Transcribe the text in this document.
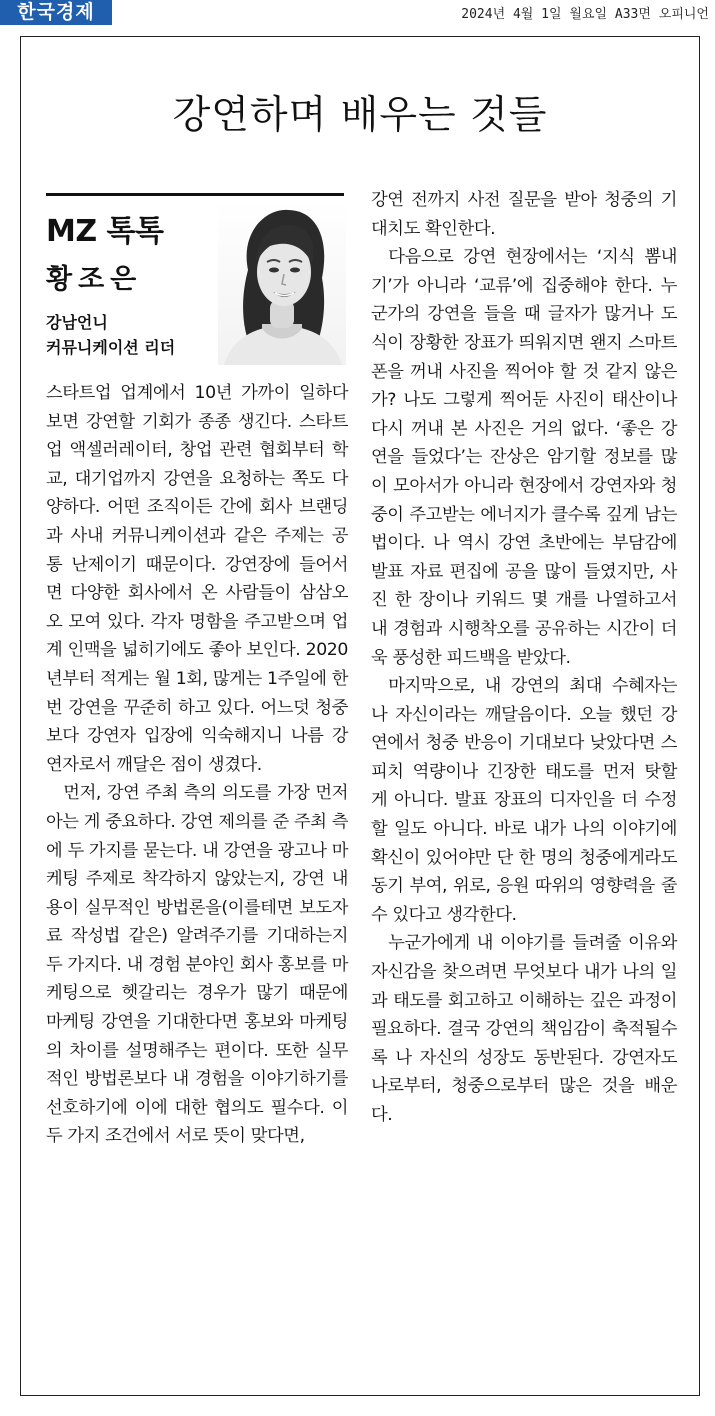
한국경제	2024년 4월 1일 월요일 A33면 오피니언
강연하며 배우는 것들
MZ 톡톡
황조은
강남언니
커뮤니케이션 리더

스타트업 업계에서 10년 가까이 일하다 보면 강연할 기회가 종종 생긴다. 스타트업 액셀러레이터, 창업 관련 협회부터 학교, 대기업까지 강연을 요청하는 쪽도 다양하다. 어떤 조직이든 간에 회사 브랜딩과 사내 커뮤니케이션과 같은 주제는 공통 난제이기 때문이다. 강연장에 들어서면 다양한 회사에서 온 사람들이 삼삼오오 모여 있다. 각자 명함을 주고받으며 업계 인맥을 넓히기에도 좋아 보인다. 2020년부터 적게는 월 1회, 많게는 1주일에 한 번 강연을 꾸준히 하고 있다. 어느덧 청중보다 강연자 입장에 익숙해지니 나름 강연자로서 깨달은 점이 생겼다.

먼저, 강연 주최 측의 의도를 가장 먼저 아는 게 중요하다. 강연 제의를 준 주최 측에 두 가지를 묻는다. 내 강연을 광고나 마케팅 주제로 착각하지 않았는지, 강연 내용이 실무적인 방법론을(이를테면 보도자료 작성법 같은) 알려주기를 기대하는지 두 가지다. 내 경험 분야인 회사 홍보를 마케팅으로 헷갈리는 경우가 많기 때문에 마케팅 강연을 기대한다면 홍보와 마케팅의 차이를 설명해주는 편이다. 또한 실무적인 방법론보다 내 경험을 이야기하기를 선호하기에 이에 대한 협의도 필수다. 이 두 가지 조건에서 서로 뜻이 맞다면,

강연 전까지 사전 질문을 받아 청중의 기대치도 확인한다.

다음으로 강연 현장에서는 ‘지식 뽐내기’가 아니라 ‘교류’에 집중해야 한다. 누군가의 강연을 들을 때 글자가 많거나 도식이 장황한 장표가 띄워지면 왠지 스마트폰을 꺼내 사진을 찍어야 할 것 같지 않은가? 나도 그렇게 찍어둔 사진이 태산이나 다시 꺼내 본 사진은 거의 없다. ‘좋은 강연을 들었다’는 잔상은 암기할 정보를 많이 모아서가 아니라 현장에서 강연자와 청중이 주고받는 에너지가 클수록 깊게 남는 법이다. 나 역시 강연 초반에는 부담감에 발표 자료 편집에 공을 많이 들였지만, 사진 한 장이나 키워드 몇 개를 나열하고서 내 경험과 시행착오를 공유하는 시간이 더욱 풍성한 피드백을 받았다.

마지막으로, 내 강연의 최대 수혜자는 나 자신이라는 깨달음이다. 오늘 했던 강연에서 청중 반응이 기대보다 낮았다면 스피치 역량이나 긴장한 태도를 먼저 탓할 게 아니다. 발표 장표의 디자인을 더 수정할 일도 아니다. 바로 내가 나의 이야기에 확신이 있어야만 단 한 명의 청중에게라도 동기 부여, 위로, 응원 따위의 영향력을 줄 수 있다고 생각한다.

누군가에게 내 이야기를 들려줄 이유와 자신감을 찾으려면 무엇보다 내가 나의 일과 태도를 회고하고 이해하는 깊은 과정이 필요하다. 결국 강연의 책임감이 축적될수록 나 자신의 성장도 동반된다. 강연자도 나로부터, 청중으로부터 많은 것을 배운다.
